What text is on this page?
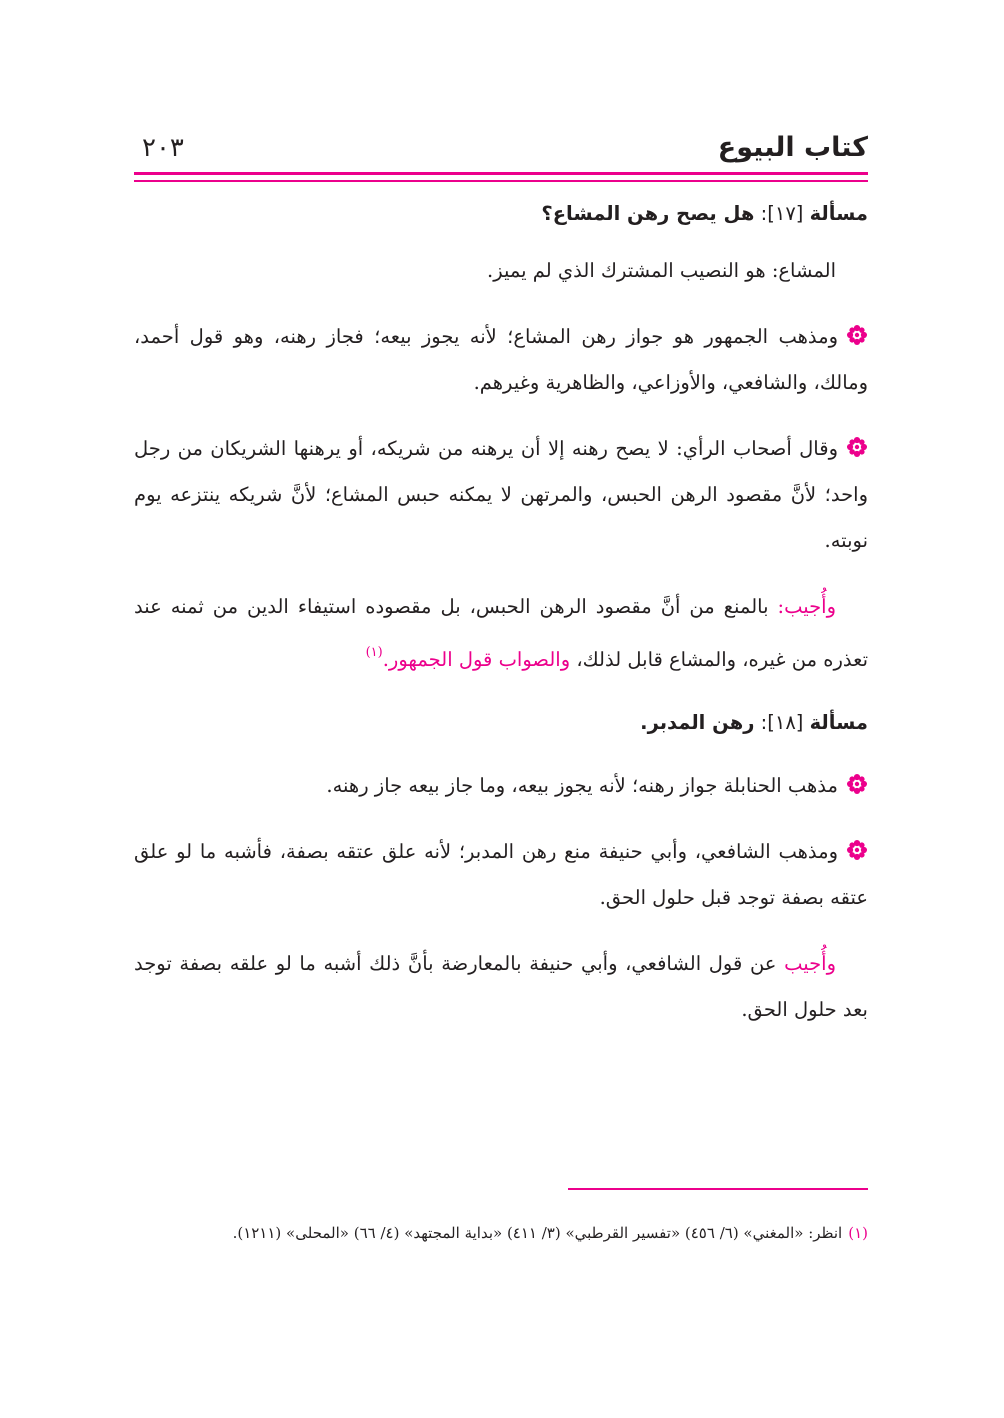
كتاب البيوع
٢٠٣
مسألة [١٧]: هل يصح رهن المشاع؟

المشاع: هو النصيب المشترك الذي لم يميز.

ومذهب الجمهور هو جواز رهن المشاع؛ لأنه يجوز بيعه؛ فجاز رهنه، وهو قول أحمد، ومالك، والشافعي، والأوزاعي، والظاهرية وغيرهم.

وقال أصحاب الرأي: لا يصح رهنه إلا أن يرهنه من شريكه، أو يرهنها الشريكان من رجل واحد؛ لأنَّ مقصود الرهن الحبس، والمرتهن لا يمكنه حبس المشاع؛ لأنَّ شريكه ينتزعه يوم نوبته.

وأُجيب: بالمنع من أنَّ مقصود الرهن الحبس، بل مقصوده استيفاء الدين من ثمنه عند تعذره من غيره، والمشاع قابل لذلك، والصواب قول الجمهور.$^{(١)}$

مسألة [١٨]: رهن المدبر.

مذهب الحنابلة جواز رهنه؛ لأنه يجوز بيعه، وما جاز بيعه جاز رهنه.

ومذهب الشافعي، وأبي حنيفة منع رهن المدبر؛ لأنه علق عتقه بصفة، فأشبه ما لو علق عتقه بصفة توجد قبل حلول الحق.

وأُجيب عن قول الشافعي، وأبي حنيفة بالمعارضة بأنَّ ذلك أشبه ما لو علقه بصفة توجد بعد حلول الحق.

(١)انظر: «المغني» (٦/ ٤٥٦) «تفسير القرطبي» (٣/ ٤١١) «بداية المجتهد» (٤/ ٦٦) «المحلى» (١٢١١).
